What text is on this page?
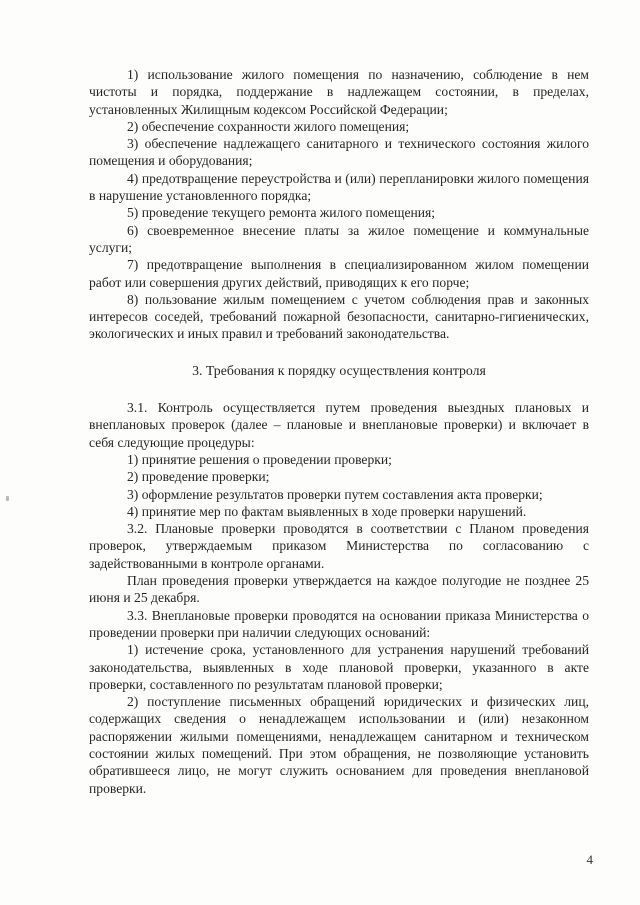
1) использование жилого помещения по назначению, соблюдение в нем чистоты и порядка, поддержание в надлежащем состоянии, в пределах, установленных Жилищным кодексом Российской Федерации;

2) обеспечение сохранности жилого помещения;

3) обеспечение надлежащего санитарного и технического состояния жилого помещения и оборудования;

4) предотвращение переустройства и (или) перепланировки жилого помещения в нарушение установленного порядка;

5) проведение текущего ремонта жилого помещения;

6) своевременное внесение платы за жилое помещение и коммунальные услуги;

7) предотвращение выполнения в специализированном жилом помещении работ или совершения других действий, приводящих к его порче;

8) пользование жилым помещением с учетом соблюдения прав и законных интересов соседей, требований пожарной безопасности, санитарно-гигиенических, экологических и иных правил и требований законодательства.

3. Требования к порядку осуществления контроля

3.1. Контроль осуществляется путем проведения выездных плановых и внеплановых проверок (далее – плановые и внеплановые проверки) и включает в себя следующие процедуры:

1) принятие решения о проведении проверки;

2) проведение проверки;

3) оформление результатов проверки путем составления акта проверки;

4) принятие мер по фактам выявленных в ходе проверки нарушений.

3.2. Плановые проверки проводятся в соответствии с Планом проведения проверок, утверждаемым приказом Министерства по согласованию с задействованными в контроле органами.

План проведения проверки утверждается на каждое полугодие не позднее 25 июня и 25 декабря.

3.3. Внеплановые проверки проводятся на основании приказа Министерства о проведении проверки при наличии следующих оснований:

1) истечение срока, установленного для устранения нарушений требований законодательства, выявленных в ходе плановой проверки, указанного в акте проверки, составленного по результатам плановой проверки;

2) поступление письменных обращений юридических и физических лиц, содержащих сведения о ненадлежащем использовании и (или) незаконном распоряжении жилыми помещениями, ненадлежащем санитарном и техническом состоянии жилых помещений. При этом обращения, не позволяющие установить обратившееся лицо, не могут служить основанием для проведения внеплановой проверки.

4
